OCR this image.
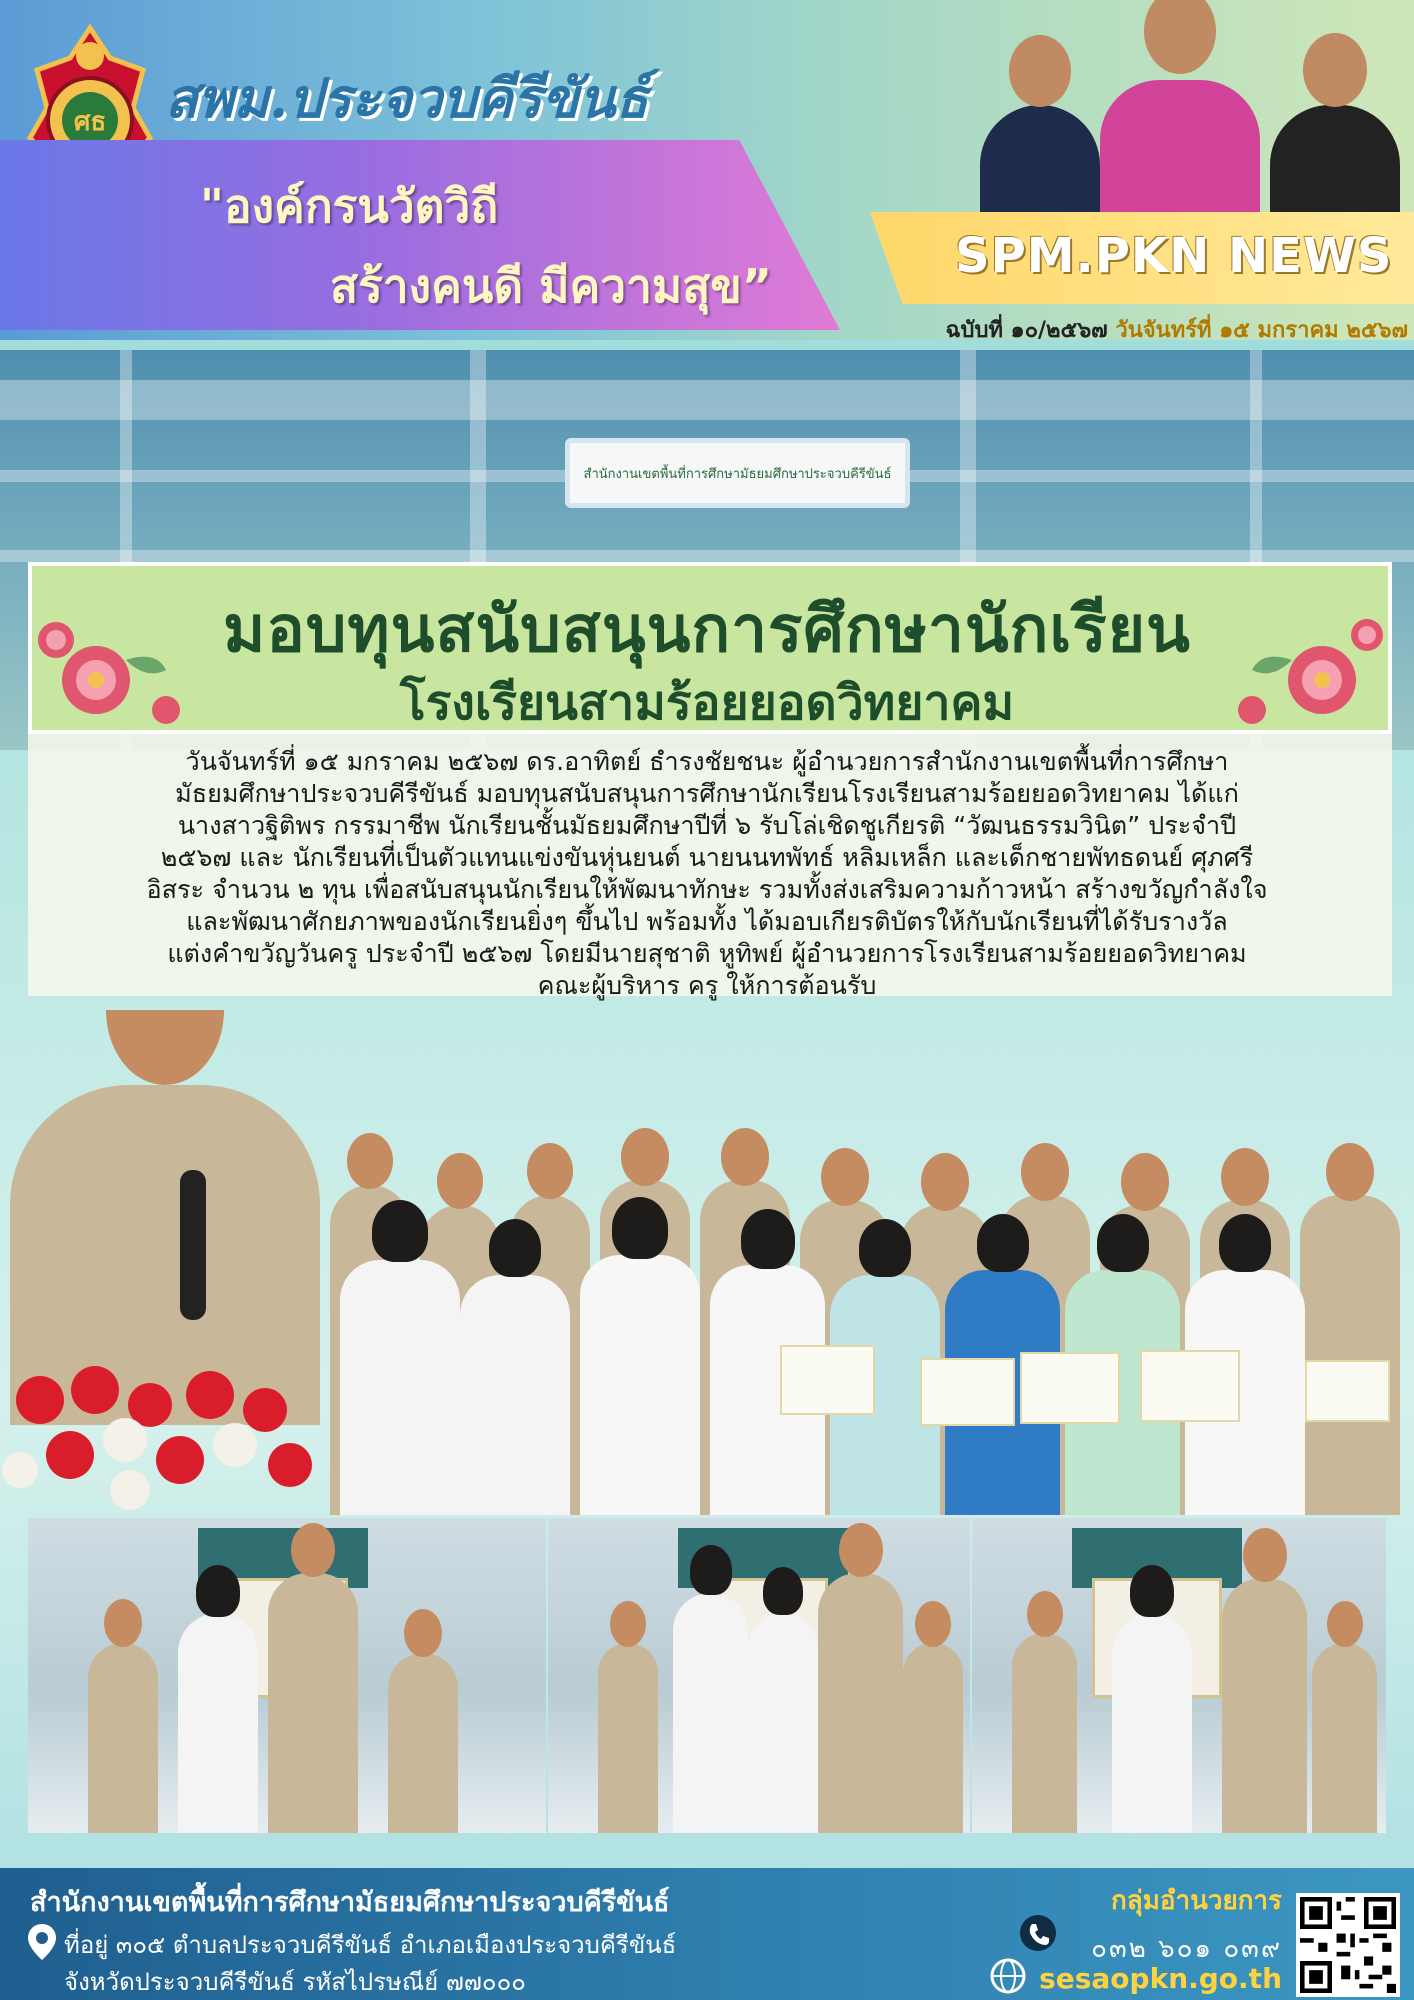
ศธ สพม.ประจวบคีรีขันธ์
"องค์กรนวัตวิถี
สร้างคนดี มีความสุข”
SPM.PKN NEWS
ฉบับที่ ๑๐/๒๕๖๗ วันจันทร์ที่ ๑๕ มกราคม ๒๕๖๗
สำนักงานเขตพื้นที่การศึกษามัธยมศึกษาประจวบคีรีขันธ์
มอบทุนสนับสนุนการศึกษานักเรียน
โรงเรียนสามร้อยยอดวิทยาคม
วันจันทร์ที่ ๑๕ มกราคม ๒๕๖๗ ดร.อาทิตย์ ธำรงชัยชนะ ผู้อำนวยการสำนักงานเขตพื้นที่การศึกษา
มัธยมศึกษาประจวบคีรีขันธ์ มอบทุนสนับสนุนการศึกษานักเรียนโรงเรียนสามร้อยยอดวิทยาคม ได้แก่
นางสาวฐิติพร กรรมาชีพ นักเรียนชั้นมัธยมศึกษาปีที่ ๖ รับโล่เชิดชูเกียรติ “วัฒนธรรมวินิต” ประจำปี
๒๕๖๗ และ นักเรียนที่เป็นตัวแทนแข่งขันหุ่นยนต์ นายนนทพัทธ์ หลิมเหล็ก และเด็กชายพัทธดนย์ ศุภศรี
อิสระ จำนวน ๒ ทุน เพื่อสนับสนุนนักเรียนให้พัฒนาทักษะ รวมทั้งส่งเสริมความก้าวหน้า สร้างขวัญกำลังใจ
และพัฒนาศักยภาพของนักเรียนยิ่งๆ ขึ้นไป พร้อมทั้ง ได้มอบเกียรติบัตรให้กับนักเรียนที่ได้รับรางวัล
แต่งคำขวัญวันครู ประจำปี ๒๕๖๗ โดยมีนายสุชาติ หูทิพย์ ผู้อำนวยการโรงเรียนสามร้อยยอดวิทยาคม
คณะผู้บริหาร ครู ให้การต้อนรับ
สำนักงานเขตพื้นที่การศึกษามัธยมศึกษาประจวบคีรีขันธ์
ที่อยู่ ๓๐๕ ตำบลประจวบคีรีขันธ์ อำเภอเมืองประจวบคีรีขันธ์
จังหวัดประจวบคีรีขันธ์ รหัสไปรษณีย์ ๗๗๐๐๐
กลุ่มอำนวยการ
๐๓๒ ๖๐๑ ๐๓๙
sesaopkn.go.th
